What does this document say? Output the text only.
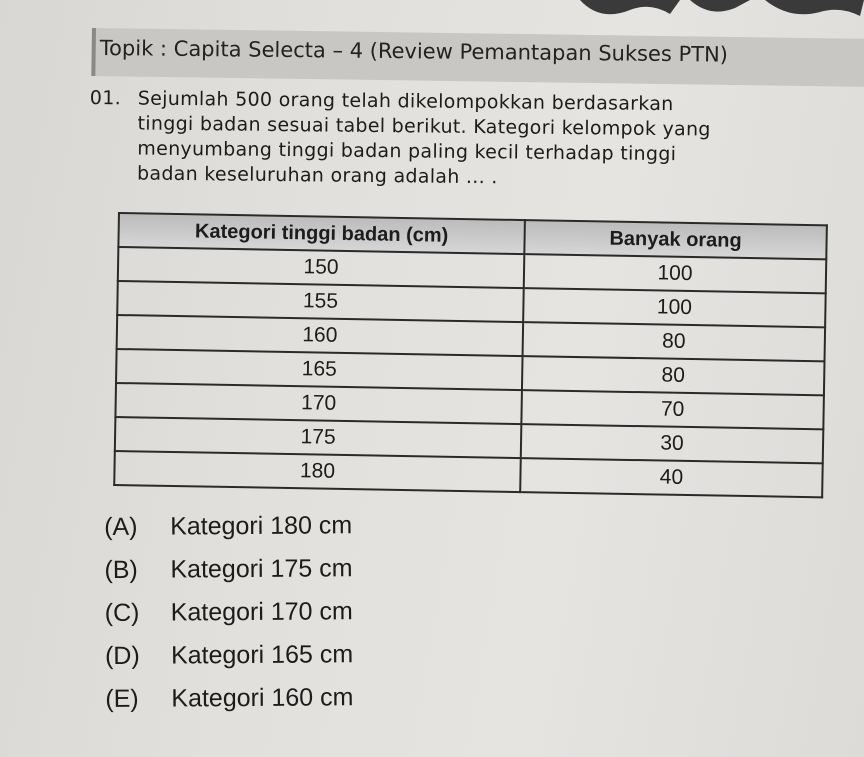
Topik : Capita Selecta – 4 (Review Pemantapan Sukses PTN)
01. Sejumlah 500 orang telah dikelompokkan berdasarkan
tinggi badan sesuai tabel berikut. Kategori kelompok yang
menyumbang tinggi badan paling kecil terhadap tinggi
badan keseluruhan orang adalah ... .
Kategori tinggi badan (cm)	Banyak orang
150	100
155	100
160	80
165	80
170	70
175	30
180	40
(A) Kategori 180 cm
(B) Kategori 175 cm
(C) Kategori 170 cm
(D) Kategori 165 cm
(E) Kategori 160 cm
